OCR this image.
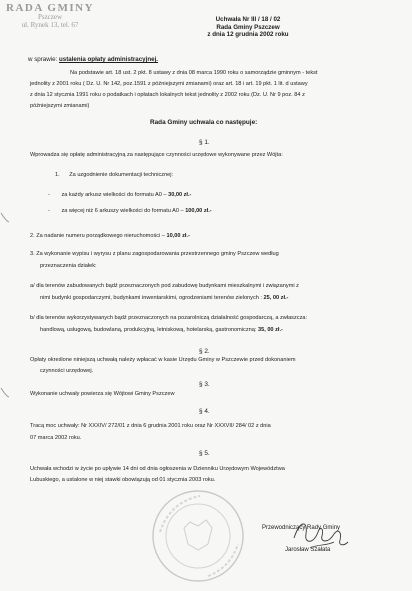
RADA GMINY
Pszczew
ul. Rynek 13, tel. 67
Uchwała Nr III / 18 / 02
Rada Gminy Pszczew
z dnia 12 grudnia 2002 roku
w sprawie: ustalenia opłaty administracyjnej.
Na podstawie art. 18 ust. 2 pkt. 8 ustawy z dnia 08 marca 1990 roku o samorządzie gminnym - tekst
jednolity z 2001 roku ( Dz. U. Nr 142, poz.1591 z późniejszymi zmianami) oraz art. 18 i art. 19 pkt. 1 lit. d ustawy
z dnia 12 stycznia 1991 roku o podatkach i opłatach lokalnych tekst jednolity z 2002 roku (Dz. U. Nr 9 poz. 84 z
późniejszymi zmianami)
Rada Gminy uchwala co następuje:
§ 1.
Wprowadza się opłatę administracyjną za następujące czynności urzędowe wykonywane przez Wójta:
1. Za uzgodnienie dokumentacji technicznej:
- za każdy arkusz wielkości do formatu A0 – 30,00 zł.-
- za więcej niż 6 arkuszy wielkości do formatu A0 – 100,00 zł.-
2. Za nadanie numeru porządkowego nieruchomości – 10,00 zł.-
3. Za wykonanie wypisu i wyrysu z planu zagospodarowania przestrzennego gminy Pszczew według
przeznaczenia działek:
a/ dla terenów zabudowanych bądź przeznaczonych pod zabudowę budynkami mieszkalnymi i związanymi z
nimi budynki gospodarczymi, budynkami inwentarskimi, ogrodzeniami terenów zielonych : 25, 00 zł.-
b/ dla terenów wykorzystywanych bądź przeznaczonych na pozarolniczą działalność gospodarczą, a zwłaszcza:
handlową, usługową, budowlaną, produkcyjną, letniskową, hotelarską, gastronomiczną: 35, 00 zł.-
§ 2.
Opłaty określone niniejszą uchwałą należy wpłacać w kasie Urzędu Gminy w Pszczewie przed dokonaniem
czynności urzędowej.
§ 3.
Wykonanie uchwały powierza się Wójtowi Gminy Pszczew
§ 4.
Tracą moc uchwały: Nr XXXIV/ 272/01 z dnia 6 grudnia 2001 roku oraz Nr XXXVII/ 284/ 02 z dnia
07 marca 2002 roku.
§ 5.
Uchwała wchodzi w życie po upływie 14 dni od dnia ogłoszenia w Dzienniku Urzędowym Województwa
Lubuskiego, a ustalone w niej stawki obowiązują od 01 stycznia 2003 roku.
Przewodniczący Rady Gminy
Jarosław Szałata
